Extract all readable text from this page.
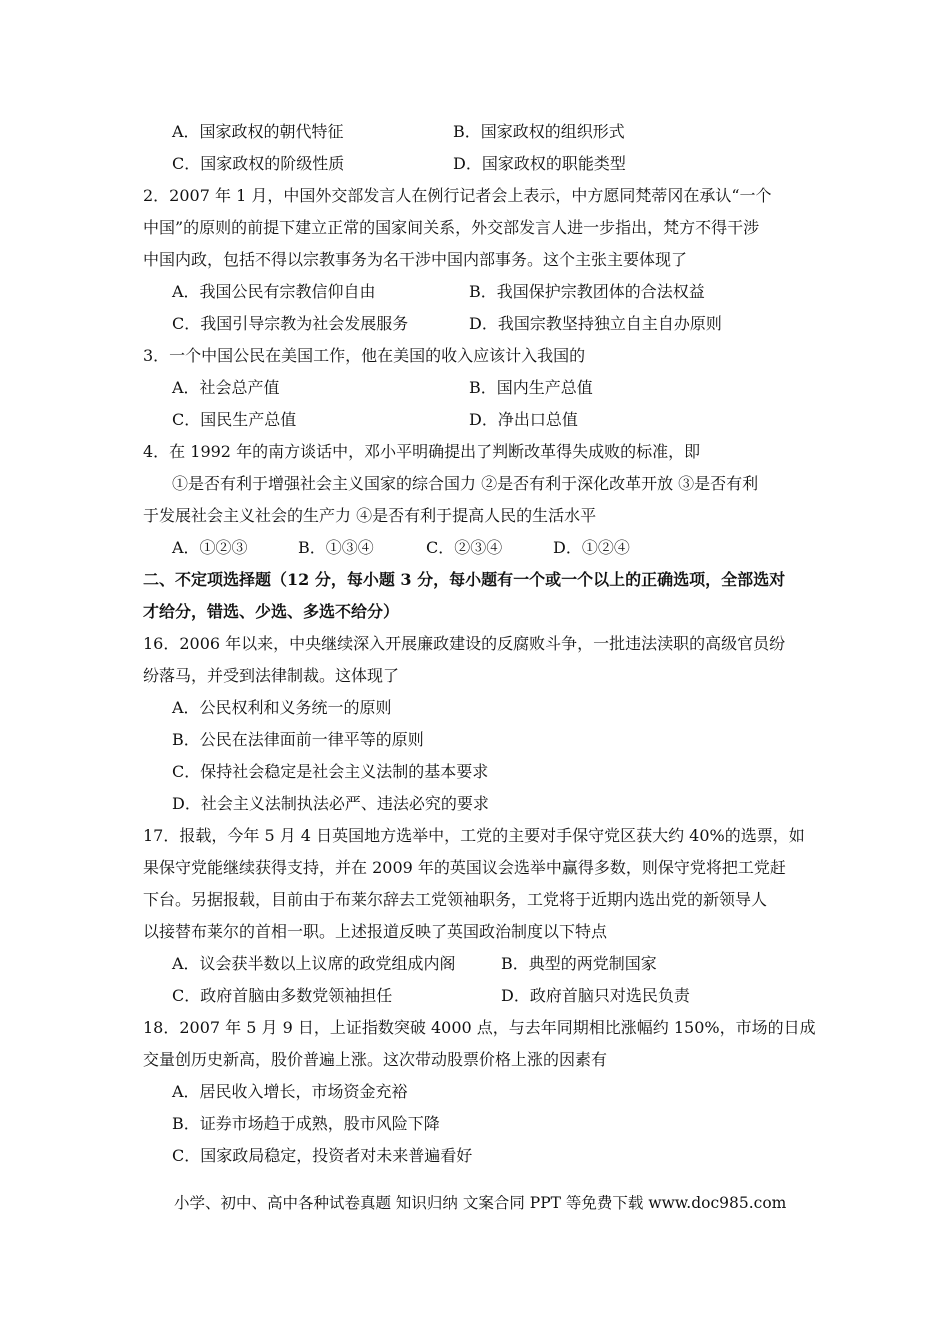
A．国家政权的朝代特征	B．国家政权的组织形式
C．国家政权的阶级性质	D．国家政权的职能类型
2．2007 年 1 月，中国外交部发言人在例行记者会上表示，中方愿同梵蒂冈在承认“一个
中国”的原则的前提下建立正常的国家间关系，外交部发言人进一步指出，梵方不得干涉
中国内政，包括不得以宗教事务为名干涉中国内部事务。这个主张主要体现了
A．我国公民有宗教信仰自由	B．我国保护宗教团体的合法权益
C．我国引导宗教为社会发展服务	D．我国宗教坚持独立自主自办原则
3．一个中国公民在美国工作，他在美国的收入应该计入我国的
A．社会总产值	B．国内生产总值
C．国民生产总值	D．净出口总值
4．在 1992 年的南方谈话中，邓小平明确提出了判断改革得失成败的标准，即
①是否有利于增强社会主义国家的综合国力 ②是否有利于深化改革开放 ③是否有利
于发展社会主义社会的生产力 ④是否有利于提高人民的生活水平
A．①②③	B．①③④	C．②③④	D．①②④
二、不定项选择题（12 分，每小题 3 分，每小题有一个或一个以上的正确选项，全部选对
才给分，错选、少选、多选不给分）
16．2006 年以来，中央继续深入开展廉政建设的反腐败斗争，一批违法渎职的高级官员纷
纷落马，并受到法律制裁。这体现了
A．公民权利和义务统一的原则
B．公民在法律面前一律平等的原则
C．保持社会稳定是社会主义法制的基本要求
D．社会主义法制执法必严、违法必究的要求
17．报载，今年 5 月 4 日英国地方选举中，工党的主要对手保守党区获大约 40%的选票，如
果保守党能继续获得支持，并在 2009 年的英国议会选举中赢得多数，则保守党将把工党赶
下台。另据报载，目前由于布莱尔辞去工党领袖职务，工党将于近期内选出党的新领导人
以接替布莱尔的首相一职。上述报道反映了英国政治制度以下特点
A．议会获半数以上议席的政党组成内阁	B．典型的两党制国家
C．政府首脑由多数党领袖担任	D．政府首脑只对选民负责
18．2007 年 5 月 9 日，上证指数突破 4000 点，与去年同期相比涨幅约 150%，市场的日成
交量创历史新高，股价普遍上涨。这次带动股票价格上涨的因素有
A．居民收入增长，市场资金充裕
B．证券市场趋于成熟，股市风险下降
C．国家政局稳定，投资者对未来普遍看好
小学、初中、高中各种试卷真题 知识归纳 文案合同 PPT 等免费下载 www.doc985.com
